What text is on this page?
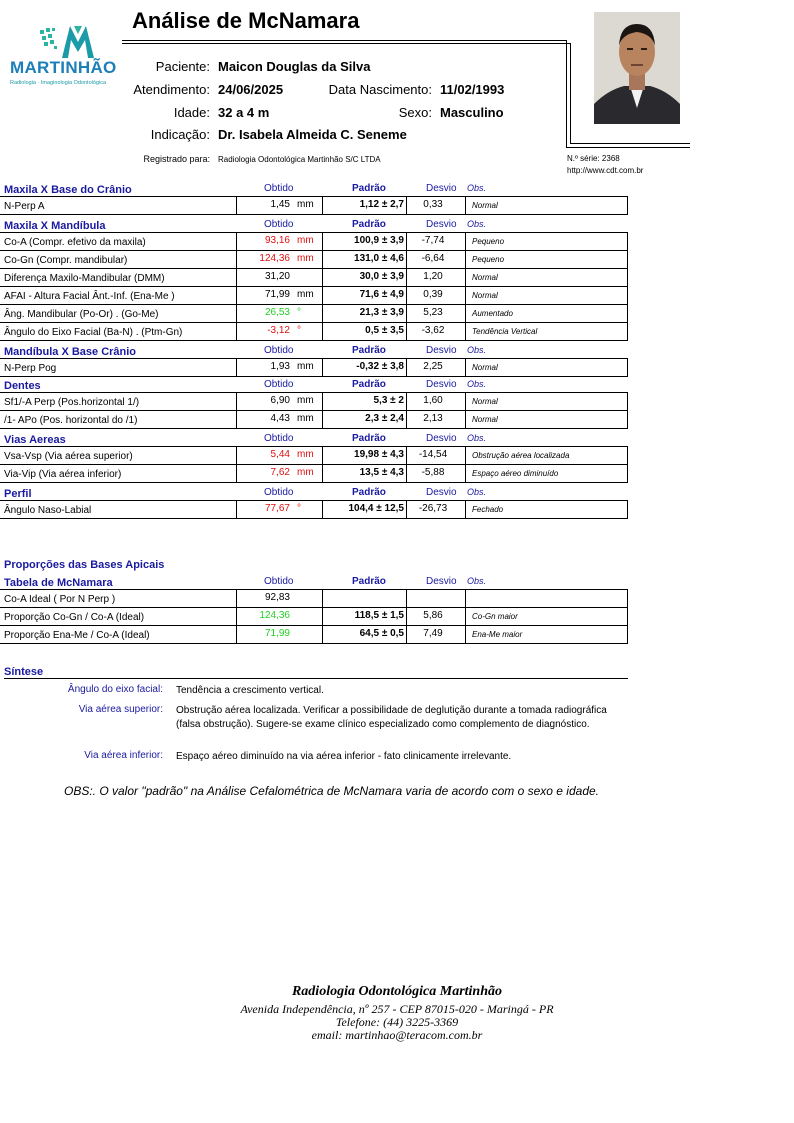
Análise de McNamara
MARTINHÃO
Radiologia · Imaginologia Odontológica
Paciente: Maicon Douglas da Silva
Atendimento: 24/06/2025	Data Nascimento: 11/02/1993
Idade: 32 a 4 m	Sexo: Masculino
Indicação: Dr. Isabela Almeida C. Seneme
Registrado para: Radiologia Odontológica Martinhão S/C LTDA	N.º série: 2368
http://www.cdt.com.br
Maxila X Base do Crânio	Obtido	Padrão	Desvio Obs.
N-Perp A	1,45 mm	1,12 ± 2,7	0,33	Normal
Maxila X Mandíbula	Obtido	Padrão	Desvio Obs.
Co-A (Compr. efetivo da maxila)	93,16 mm	100,9 ± 3,9	-7,74	Pequeno
Co-Gn (Compr. mandibular)	124,36 mm	131,0 ± 4,6	-6,64	Pequeno
Diferença Maxilo-Mandibular (DMM)	31,20	30,0 ± 3,9	1,20	Normal
AFAI - Altura Facial Ânt.-Inf. (Ena-Me )	71,99 mm	71,6 ± 4,9	0,39	Normal
Âng. Mandibular (Po-Or) . (Go-Me)	26,53 °	21,3 ± 3,9	5,23	Aumentado
Ângulo do Eixo Facial (Ba-N) . (Ptm-Gn)	-3,12 °	0,5 ± 3,5	-3,62	Tendência Vertical
Mandíbula X Base Crânio	Obtido	Padrão	Desvio Obs.
N-Perp Pog	1,93 mm	-0,32 ± 3,8	2,25	Normal
Dentes	Obtido	Padrão	Desvio Obs.
Sf1/-A Perp (Pos.horizontal 1/)	6,90 mm	5,3 ± 2	1,60	Normal
/1- APo (Pos. horizontal do /1)	4,43 mm	2,3 ± 2,4	2,13	Normal
Vias Aereas	Obtido	Padrão	Desvio Obs.
Vsa-Vsp (Via aérea superior)	5,44 mm	19,98 ± 4,3	-14,54	Obstrução aérea localizada
Via-Vip (Via aérea inferior)	7,62 mm	13,5 ± 4,3	-5,88	Espaço aéreo diminuído
Perfil	Obtido	Padrão	Desvio Obs.
Ângulo Naso-Labial	77,67 °	104,4 ± 12,5	-26,73	Fechado
Proporções das Bases Apicais
Tabela de McNamara	Obtido	Padrão	Desvio Obs.
Co-A Ideal ( Por N Perp )	92,83
Proporção Co-Gn / Co-A (Ideal)	124,36	118,5 ± 1,5	5,86	Co-Gn maior
Proporção Ena-Me / Co-A (Ideal)	71,99	64,5 ± 0,5	7,49	Ena-Me maior
Síntese
Ângulo do eixo facial: Tendência a crescimento vertical.
Via aérea superior: Obstrução aérea localizada. Verificar a possibilidade de deglutição durante a tomada radiográfica (falsa obstrução). Sugere-se exame clínico especializado como complemento de diagnóstico.
Via aérea inferior: Espaço aéreo diminuído na via aérea inferior - fato clinicamente irrelevante.
OBS:. O valor "padrão" na Análise Cefalométrica de McNamara varia de acordo com o sexo e idade.
Radiologia Odontológica Martinhão
Avenida Independência, nº 257 - CEP 87015-020 - Maringá - PR
Telefone: (44) 3225-3369
email: martinhao@teracom.com.br
